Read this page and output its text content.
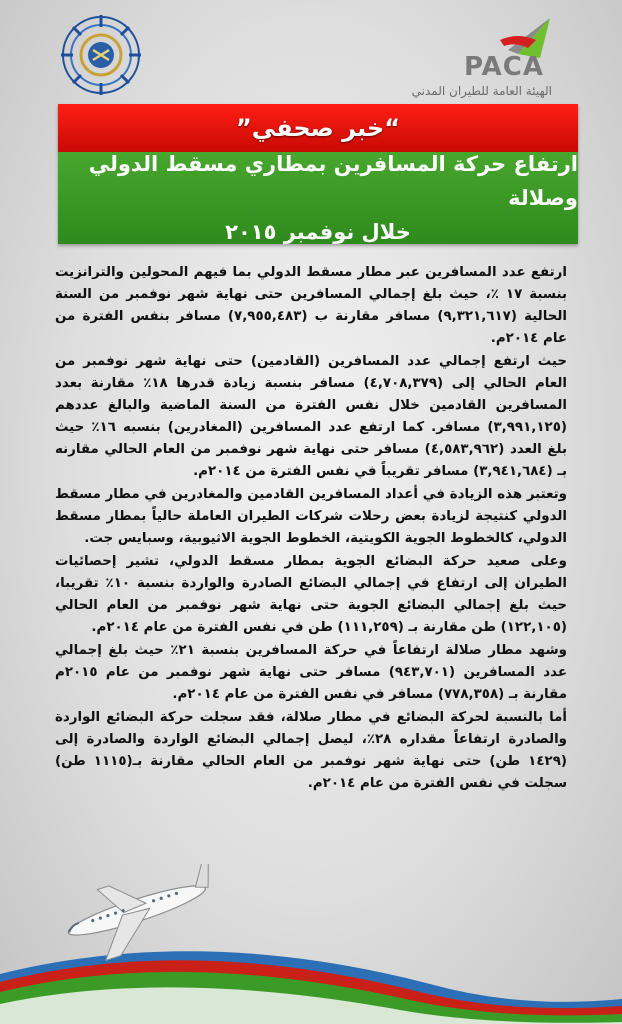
PACA
الهيئة العامة للطيران المدني
“خبر صحفي”
ارتفاع حركة المسافرين بمطاري مسقط الدولي وصلالة
خلال نوفمبر ٢٠١٥

ارتفع عدد المسافرين عبر مطار مسقط الدولي بما فيهم المحولين والترانزيت بنسبة ١٧ ٪، حيث بلغ إجمالي المسافرين حتى نهاية شهر نوفمبر من السنة الحالية (٩,٣٢١,٦١٧) مسافر مقارنة ب (٧,٩٥٥,٤٨٣) مسافر بنفس الفترة من عام ٢٠١٤م.

حيث ارتفع إجمالي عدد المسافرين (القادمين) حتى نهاية شهر نوفمبر من العام الحالي إلى (٤,٧٠٨,٣٧٩) مسافر بنسبة زيادة قدرها ١٨٪ مقارنة بعدد المسافرين القادمين خلال نفس الفترة من السنة الماضية والبالغ عددهم (٣,٩٩١,١٢٥) مسافر. كما ارتفع عدد المسافرين (المغادرين) بنسبه ١٦٪ حيث بلغ العدد (٤,٥٨٣,٩٦٢) مسافر حتى نهاية شهر نوفمبر من العام الحالي مقارنه بـ (٣,٩٤١,٦٨٤) مسافر تقريباً في نفس الفترة من ٢٠١٤م.

وتعتبر هذه الزيادة في أعداد المسافرين القادمين والمغادرين في مطار مسقط الدولي كنتيجة لزيادة بعض رحلات شركات الطيران العاملة حالياً بمطار مسقط الدولي، كالخطوط الجوية الكويتية، الخطوط الجوية الاثيوبية، وسبايس جت.

وعلى صعيد حركة البضائع الجوية بمطار مسقط الدولي، تشير إحصائيات الطيران إلى ارتفاع في إجمالي البضائع الصادرة والواردة بنسبة ١٠٪ تقريبا، حيث بلغ إجمالي البضائع الجوية حتى نهاية شهر نوفمبر من العام الحالي (١٢٢,١٠٥) طن مقارنة بـ (١١١,٢٥٩) طن في نفس الفترة من عام ٢٠١٤م.

وشهد مطار صلالة ارتفاعاً في حركة المسافرين بنسبة ٢١٪ حيث بلغ إجمالي عدد المسافرين (٩٤٣,٧٠١) مسافر حتى نهاية شهر نوفمبر من عام ٢٠١٥م مقارنة بـ (٧٧٨,٣٥٨) مسافر في نفس الفترة من عام ٢٠١٤م.

أما بالنسبة لحركة البضائع في مطار صلالة، فقد سجلت حركة البضائع الواردة والصادرة ارتفاعاً مقداره ٢٨٪، ليصل إجمالي البضائع الواردة والصادرة إلى (١٤٢٩ طن) حتى نهاية شهر نوفمبر من العام الحالي مقارنة بـ(١١١٥ طن) سجلت في نفس الفترة من عام ٢٠١٤م.
